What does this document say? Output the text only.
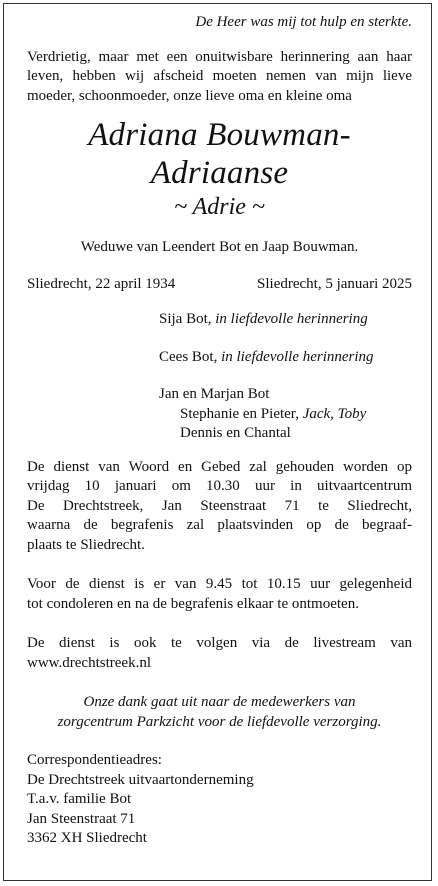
De Heer was mij tot hulp en sterkte.
Verdrietig, maar met een onuitwisbare herinnering aan haar leven, hebben wij afscheid moeten nemen van mijn lieve moeder, schoonmoeder, onze lieve oma en kleine oma
Adriana Bouwman-Adriaanse
~ Adrie ~
Weduwe van Leendert Bot en Jaap Bouwman.
Sliedrecht, 22 april 1934	Sliedrecht, 5 januari 2025
Sija Bot, in liefdevolle herinnering
Cees Bot, in liefdevolle herinnering
Jan en Marjan Bot
Stephanie en Pieter, Jack, Toby
Dennis en Chantal
De dienst van Woord en Gebed zal gehouden worden op
vrijdag 10 januari om 10.30 uur in uitvaartcentrum
De Drechtstreek, Jan Steenstraat 71 te Sliedrecht,
waarna de begrafenis zal plaatsvinden op de begraaf-
plaats te Sliedrecht.
Voor de dienst is er van 9.45 tot 10.15 uur gelegenheid
tot condoleren en na de begrafenis elkaar te ontmoeten.
De dienst is ook te volgen via de livestream van
www.drechtstreek.nl
Onze dank gaat uit naar de medewerkers van
zorgcentrum Parkzicht voor de liefdevolle verzorging.
Correspondentieadres:
De Drechtstreek uitvaartonderneming
T.a.v. familie Bot
Jan Steenstraat 71
3362 XH Sliedrecht
